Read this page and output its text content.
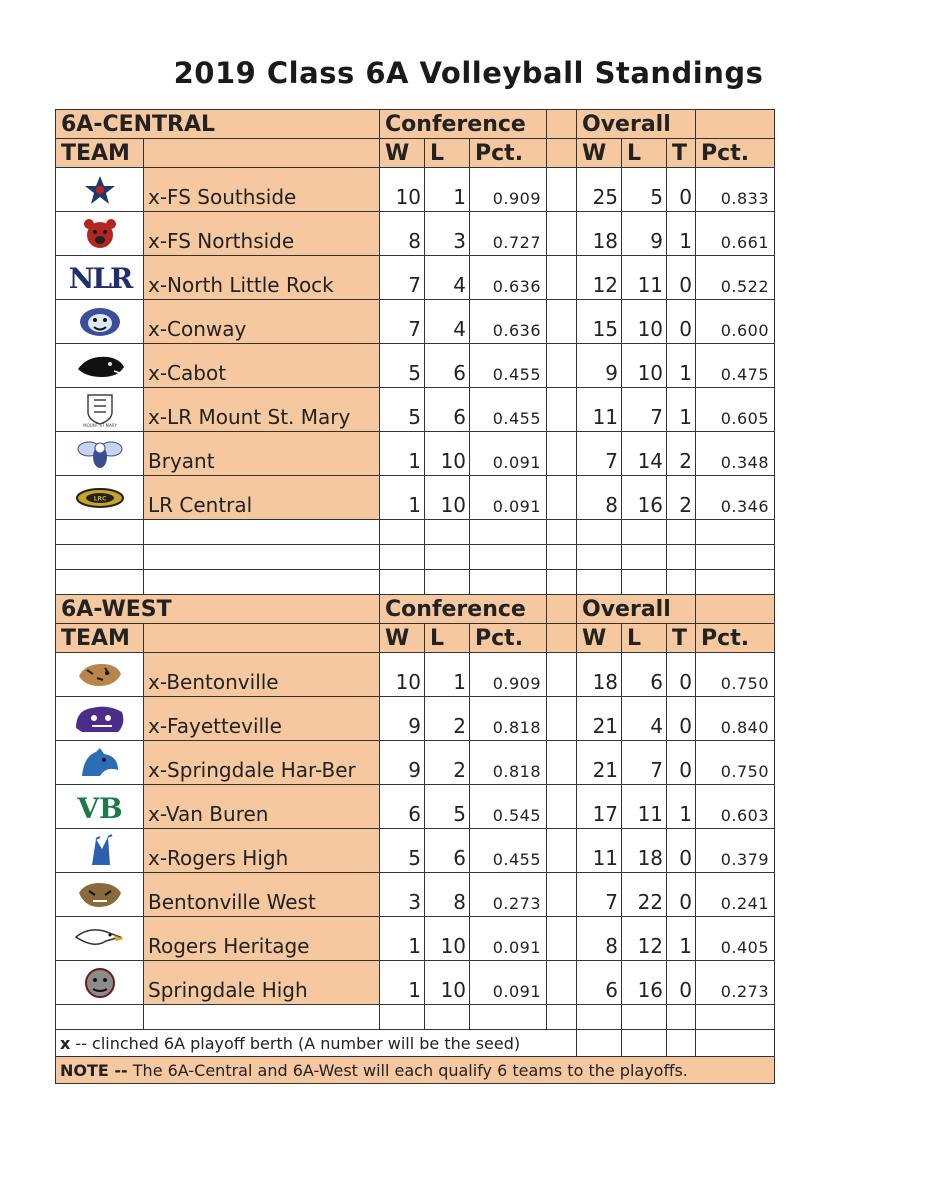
2019 Class 6A Volleyball Standings
6A-CENTRAL		Conference				Overall			
TEAM		W	L	Pct.		W	L	T	Pct.

	x-FS Southside	10	1	0.909		25	5	0	0.833

	x-FS Northside	8	3	0.727		18	9	1	0.661

NLR	x-North Little Rock	7	4	0.636		12	11	0	0.522

	x-Conway	7	4	0.636		15	10	0	0.600

	x-Cabot	5	6	0.455		9	10	1	0.475

MOUNT ST MARY	x-LR Mount St. Mary	5	6	0.455		11	7	1	0.605

	Bryant	1	10	0.091		7	14	2	0.348

LRC	LR Central	1	10	0.091		8	16	2	0.346

6A-WEST		Conference				Overall			
TEAM		W	L	Pct.		W	L	T	Pct.

	x-Bentonville	10	1	0.909		18	6	0	0.750

	x-Fayetteville	9	2	0.818		21	4	0	0.840

	x-Springdale Har-Ber	9	2	0.818		21	7	0	0.750

VB	x-Van Buren	6	5	0.545		17	11	1	0.603

	x-Rogers High	5	6	0.455		11	18	0	0.379

	Bentonville West	3	8	0.273		7	22	0	0.241

	Rogers Heritage	1	10	0.091		8	12	1	0.405

	Springdale High	1	10	0.091		6	16	0	0.273

x -- clinched 6A playoff berth (A number will be the seed)									
NOTE -- The 6A-Central and 6A-West will each qualify 6 teams to the playoffs.									
